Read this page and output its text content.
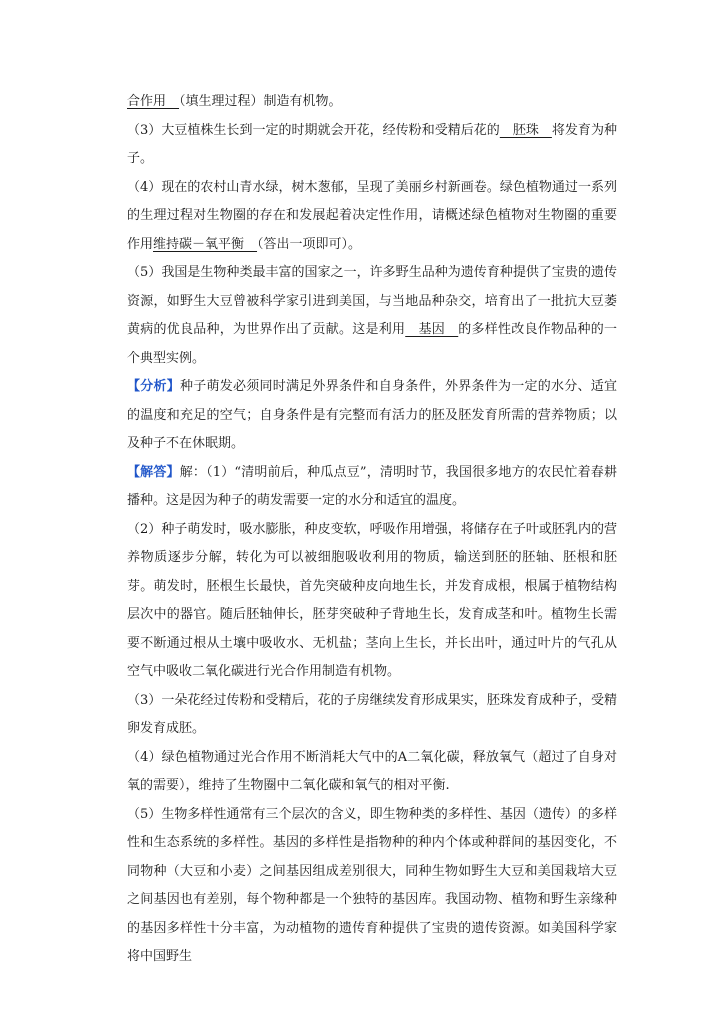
合作用　 （填生理过程）制造有机物。

（3）大豆植株生长到一定的时期就会开花，经传粉和受精后花的　胚珠　将发育为种子。

（4）现在的农村山青水绿，树木葱郁，呈现了美丽乡村新画卷。绿色植物通过一系列的生理过程对生物圈的存在和发展起着决定性作用，请概述绿色植物对生物圈的重要作用维持碳－氧平衡　（答出一项即可）。

（5）我国是生物种类最丰富的国家之一，许多野生品种为遗传育种提供了宝贵的遗传资源，如野生大豆曾被科学家引进到美国，与当地品种杂交，培育出了一批抗大豆萎黄病的优良品种，为世界作出了贡献。这是利用　基因　的多样性改良作物品种的一个典型实例。

【分析】种子萌发必须同时满足外界条件和自身条件，外界条件为一定的水分、适宜的温度和充足的空气；自身条件是有完整而有活力的胚及胚发育所需的营养物质；以及种子不在休眠期。

【解答】解：（1）“清明前后，种瓜点豆”，清明时节，我国很多地方的农民忙着春耕播种。这是因为种子的萌发需要一定的水分和适宜的温度。

（2）种子萌发时，吸水膨胀，种皮变软，呼吸作用增强，将储存在子叶或胚乳内的营养物质逐步分解，转化为可以被细胞吸收利用的物质，输送到胚的胚轴、胚根和胚芽。萌发时，胚根生长最快，首先突破种皮向地生长，并发育成根，根属于植物结构层次中的器官。随后胚轴伸长，胚芽突破种子背地生长，发育成茎和叶。植物生长需要不断通过根从土壤中吸收水、无机盐；茎向上生长，并长出叶，通过叶片的气孔从空气中吸收二氧化碳进行光合作用制造有机物。

（3）一朵花经过传粉和受精后，花的子房继续发育形成果实，胚珠发育成种子，受精卵发育成胚。

（4）绿色植物通过光合作用不断消耗大气中的A二氧化碳，释放氧气（超过了自身对氧的需要），维持了生物圈中二氧化碳和氧气的相对平衡.

（5）生物多样性通常有三个层次的含义，即生物种类的多样性、基因（遗传）的多样性和生态系统的多样性。基因的多样性是指物种的种内个体或种群间的基因变化，不同物种（大豆和小麦）之间基因组成差别很大，同种生物如野生大豆和美国栽培大豆之间基因也有差别，每个物种都是一个独特的基因库。我国动物、植物和野生亲缘种的基因多样性十分丰富，为动植物的遗传育种提供了宝贵的遗传资源。如美国科学家将中国野生
